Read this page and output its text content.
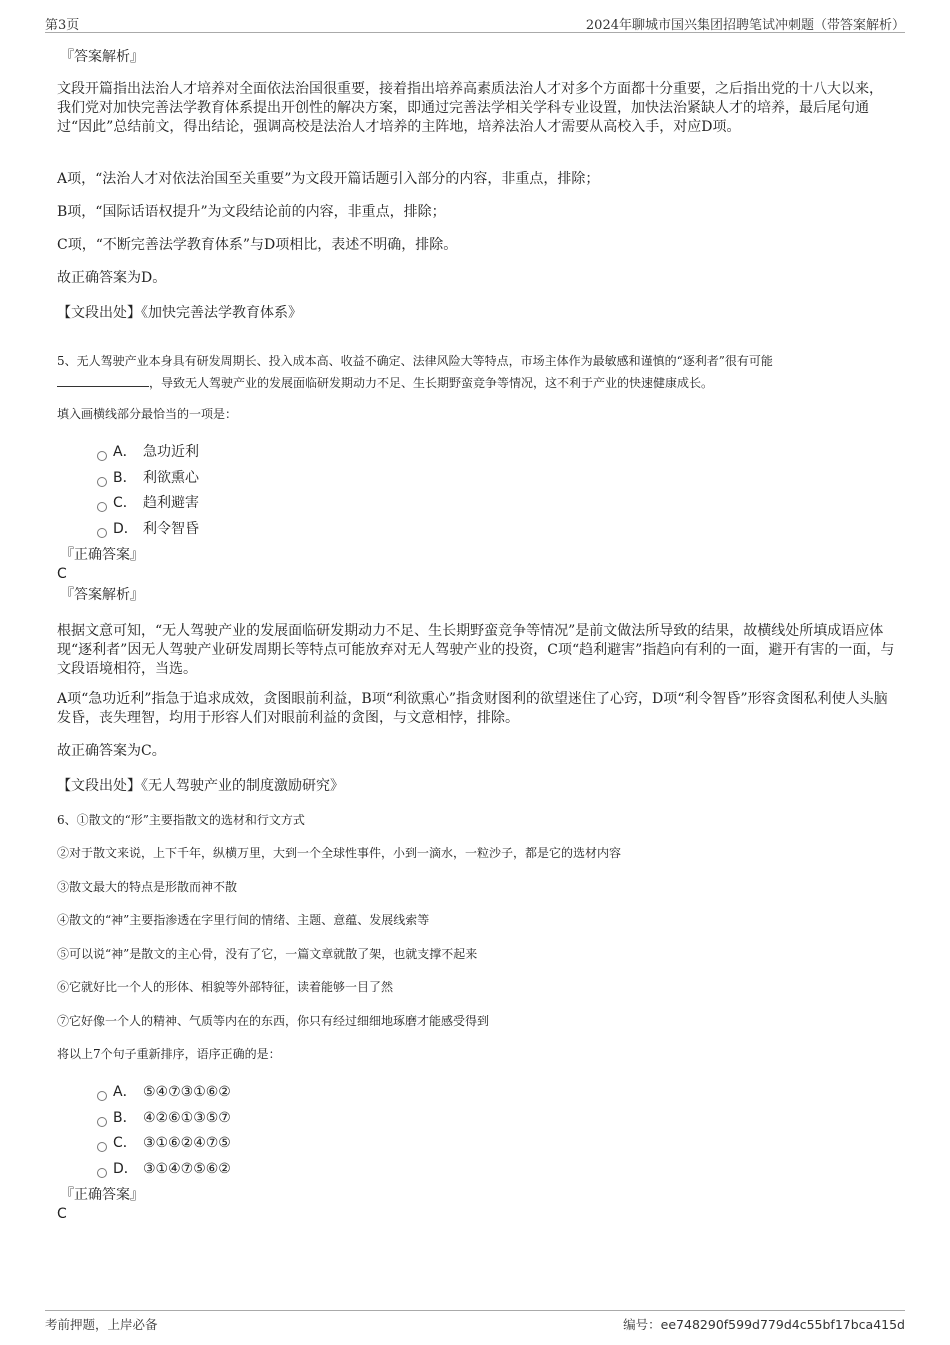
第3页	2024年聊城市国兴集团招聘笔试冲刺题（带答案解析）
『答案解析』
文段开篇指出法治人才培养对全面依法治国很重要，接着指出培养高素质法治人才对多个方面都十分重要，之后指出党的十八大以来，我们党对加快完善法学教育体系提出开创性的解决方案，即通过完善法学相关学科专业设置，加快法治紧缺人才的培养，最后尾句通过“因此”总结前文，得出结论，强调高校是法治人才培养的主阵地，培养法治人才需要从高校入手，对应D项。
A项，“法治人才对依法治国至关重要”为文段开篇话题引入部分的内容，非重点，排除；
B项，“国际话语权提升”为文段结论前的内容，非重点，排除；
C项，“不断完善法学教育体系”与D项相比，表述不明确，排除。
故正确答案为D。
【文段出处】《加快完善法学教育体系》
5、无人驾驶产业本身具有研发周期长、投入成本高、收益不确定、法律风险大等特点，市场主体作为最敏感和谨慎的“逐利者”很有可能
，导致无人驾驶产业的发展面临研发期动力不足、生长期野蛮竞争等情况，这不利于产业的快速健康成长。
填入画横线部分最恰当的一项是：
A． 急功近利
B． 利欲熏心
C． 趋利避害
D． 利令智昏
『正确答案』
C
『答案解析』
根据文意可知，“无人驾驶产业的发展面临研发期动力不足、生长期野蛮竞争等情况”是前文做法所导致的结果，故横线处所填成语应体现“逐利者”因无人驾驶产业研发周期长等特点可能放弃对无人驾驶产业的投资，C项“趋利避害”指趋向有利的一面，避开有害的一面，与文段语境相符，当选。
A项“急功近利”指急于追求成效，贪图眼前利益，B项“利欲熏心”指贪财图利的欲望迷住了心窍，D项“利令智昏”形容贪图私利使人头脑发昏，丧失理智，均用于形容人们对眼前利益的贪图，与文意相悖，排除。
故正确答案为C。
【文段出处】《无人驾驶产业的制度激励研究》
6、①散文的“形”主要指散文的选材和行文方式
②对于散文来说，上下千年，纵横万里，大到一个全球性事件，小到一滴水，一粒沙子，都是它的选材内容
③散文最大的特点是形散而神不散
④散文的“神”主要指渗透在字里行间的情绪、主题、意蕴、发展线索等
⑤可以说“神”是散文的主心骨，没有了它，一篇文章就散了架，也就支撑不起来
⑥它就好比一个人的形体、相貌等外部特征，读着能够一目了然
⑦它好像一个人的精神、气质等内在的东西，你只有经过细细地琢磨才能感受得到
将以上7个句子重新排序，语序正确的是：
A． ⑤④⑦③①⑥②
B． ④②⑥①③⑤⑦
C． ③①⑥②④⑦⑤
D． ③①④⑦⑤⑥②
『正确答案』
C
考前押题，上岸必备	编号：ee748290f599d779d4c55bf17bca415d
